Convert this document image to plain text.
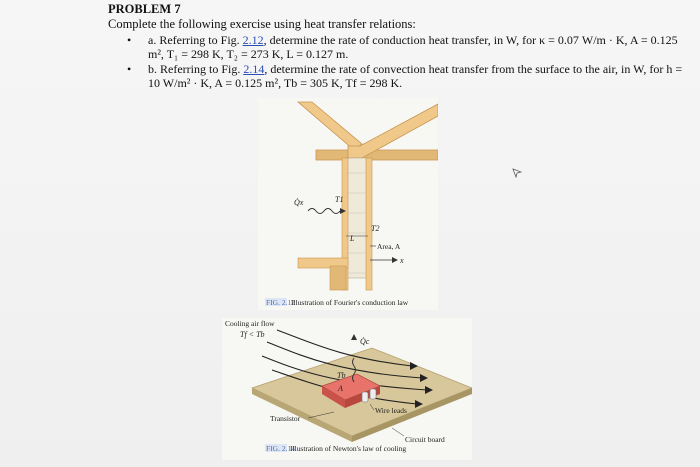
PROBLEM 7

Complete the following exercise using heat transfer relations:

• a. Referring to Fig. 2.12, determine the rate of conduction heat transfer, in W, for κ = 0.07 W/m · K, A = 0.125 m², T₁ = 298 K, T₂ = 273 K, L = 0.127 m.
• b. Referring to Fig. 2.14, determine the rate of convection heat transfer from the surface to the air, in W, for h = 10 W/m² · K, A = 0.125 m², Tb = 305 K, Tf = 298 K.
Q̇x	T1
T2
L
Area, A
x
FIG. 2.12
Illustration of Fourier's conduction law
Cooling air flow
Tf < Tb
Q̇c
Tb
A
Wire leads
Transistor
Circuit board
FIG. 2.14
Illustration of Newton's law of cooling
